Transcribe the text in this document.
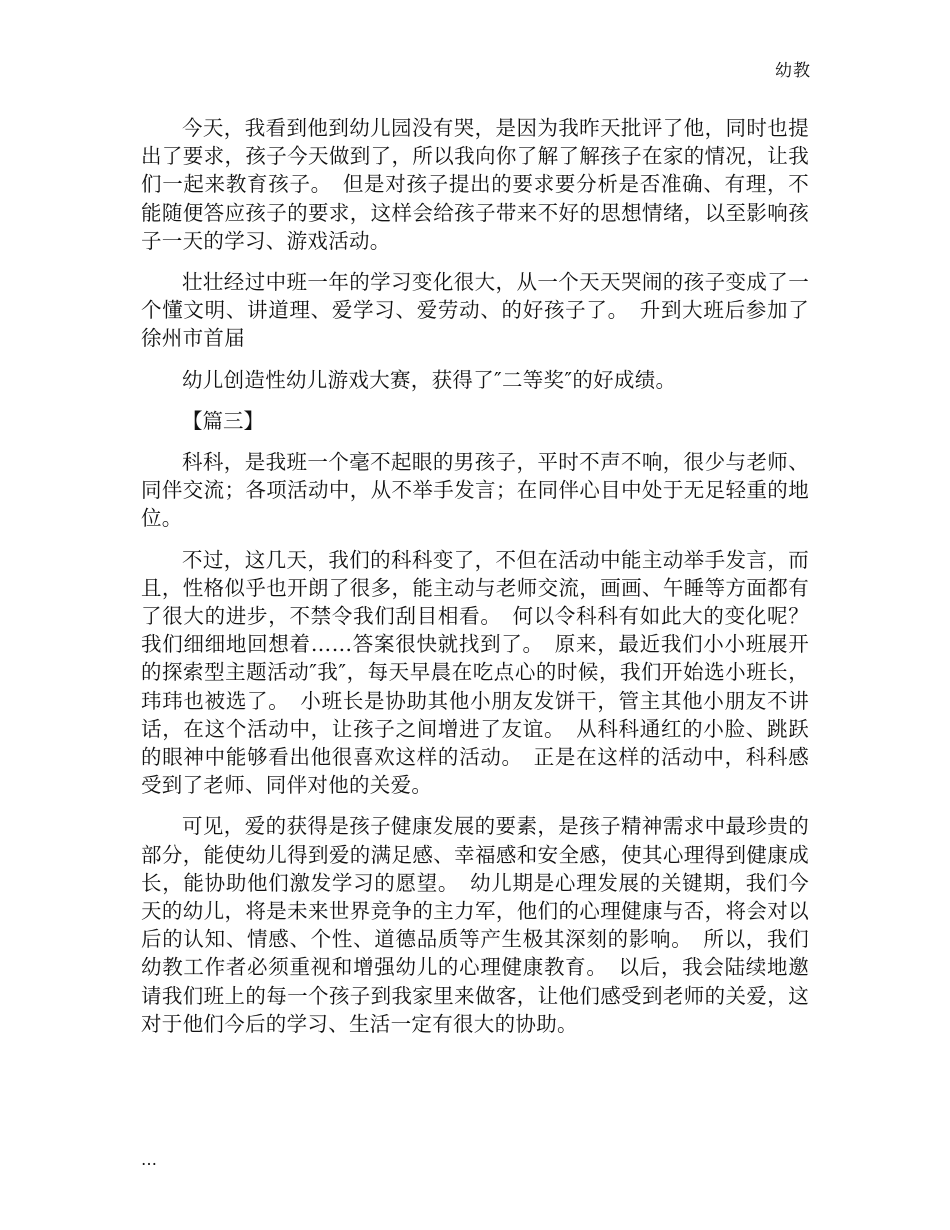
幼教

今天，我看到他到幼儿园没有哭，是因为我昨天批评了他，同时也提出了要求，孩子今天做到了，所以我向你了解了解孩子在家的情况，让我们一起来教育孩子。　但是对孩子提出的要求要分析是否准确、有理，不能随便答应孩子的要求，这样会给孩子带来不好的思想情绪，以至影响孩子一天的学习、游戏活动。

壮壮经过中班一年的学习变化很大，从一个天天哭闹的孩子变成了一个懂文明、讲道理、爱学习、爱劳动、的好孩子了。　升到大班后参加了徐州市首届

幼儿创造性幼儿游戏大赛，获得了″二等奖″的好成绩。

【篇三】

科科，是我班一个毫不起眼的男孩子，平时不声不响，很少与老师、同伴交流；各项活动中，从不举手发言；在同伴心目中处于无足轻重的地位。

不过，这几天，我们的科科变了，不但在活动中能主动举手发言，而且，性格似乎也开朗了很多，能主动与老师交流，画画、午睡等方面都有了很大的进步，不禁令我们刮目相看。　何以令科科有如此大的变化呢？我们细细地回想着……答案很快就找到了。　原来，最近我们小小班展开的探索型主题活动″我″，每天早晨在吃点心的时候，我们开始选小班长，玮玮也被选了。　小班长是协助其他小朋友发饼干，管主其他小朋友不讲话，在这个活动中，让孩子之间增进了友谊。　从科科通红的小脸、跳跃的眼神中能够看出他很喜欢这样的活动。　正是在这样的活动中，科科感受到了老师、同伴对他的关爱。

可见，爱的获得是孩子健康发展的要素，是孩子精神需求中最珍贵的部分，能使幼儿得到爱的满足感、幸福感和安全感，使其心理得到健康成长，能协助他们激发学习的愿望。　幼儿期是心理发展的关键期，我们今天的幼儿，将是未来世界竞争的主力军，他们的心理健康与否，将会对以后的认知、情感、个性、道德品质等产生极其深刻的影响。　所以，我们幼教工作者必须重视和增强幼儿的心理健康教育。　以后，我会陆续地邀请我们班上的每一个孩子到我家里来做客，让他们感受到老师的关爱，这对于他们今后的学习、生活一定有很大的协助。

…
